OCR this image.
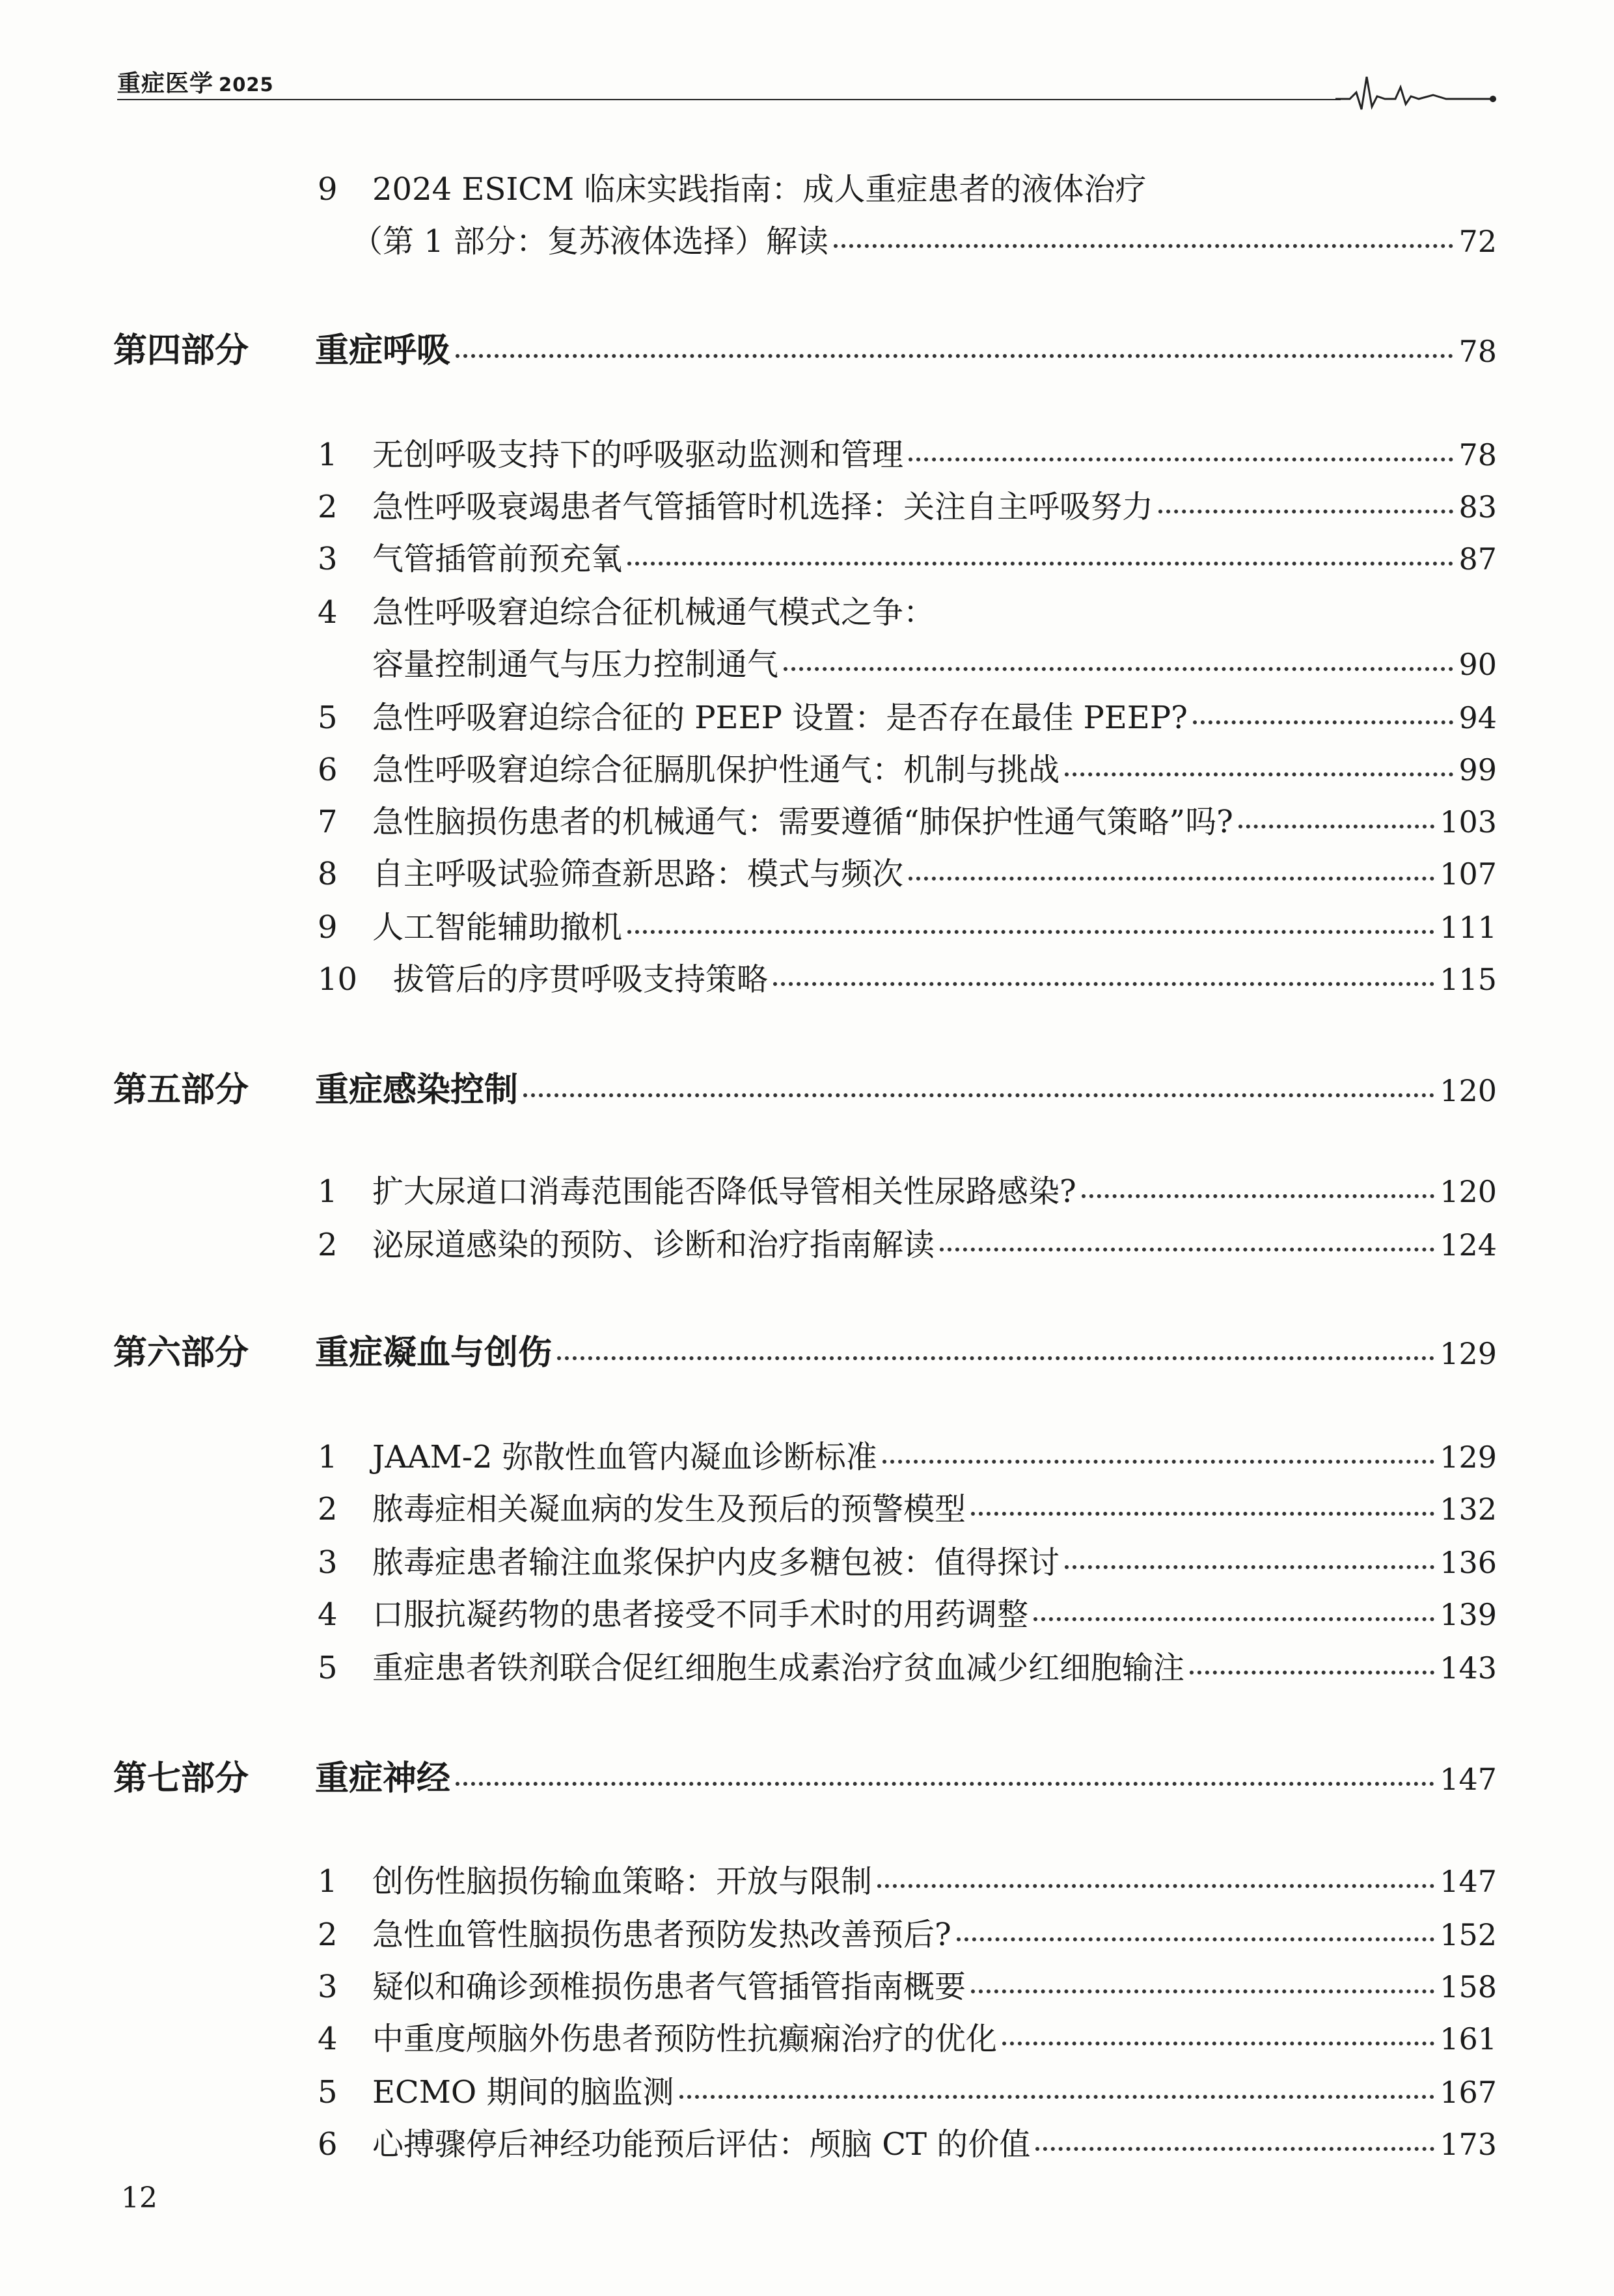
重症医学 2025
9	2024 ESICM 临床实践指南：成人重症患者的液体治疗
（第 1 部分：复苏液体选择）解读	72
第四部分	重症呼吸	78
1	无创呼吸支持下的呼吸驱动监测和管理	78
2	急性呼吸衰竭患者气管插管时机选择：关注自主呼吸努力	83
3	气管插管前预充氧	87
4	急性呼吸窘迫综合征机械通气模式之争：
容量控制通气与压力控制通气	90
5	急性呼吸窘迫综合征的 PEEP 设置：是否存在最佳 PEEP?	94
6	急性呼吸窘迫综合征膈肌保护性通气：机制与挑战	99
7	急性脑损伤患者的机械通气：需要遵循“肺保护性通气策略”吗?	103
8	自主呼吸试验筛查新思路：模式与频次	107
9	人工智能辅助撤机	111
10	拔管后的序贯呼吸支持策略	115
第五部分	重症感染控制	120
1	扩大尿道口消毒范围能否降低导管相关性尿路感染?	120
2	泌尿道感染的预防、诊断和治疗指南解读	124
第六部分	重症凝血与创伤	129
1	JAAM-2 弥散性血管内凝血诊断标准	129
2	脓毒症相关凝血病的发生及预后的预警模型	132
3	脓毒症患者输注血浆保护内皮多糖包被：值得探讨	136
4	口服抗凝药物的患者接受不同手术时的用药调整	139
5	重症患者铁剂联合促红细胞生成素治疗贫血减少红细胞输注	143
第七部分	重症神经	147
1	创伤性脑损伤输血策略：开放与限制	147
2	急性血管性脑损伤患者预防发热改善预后?	152
3	疑似和确诊颈椎损伤患者气管插管指南概要	158
4	中重度颅脑外伤患者预防性抗癫痫治疗的优化	161
5	ECMO 期间的脑监测	167
6	心搏骤停后神经功能预后评估：颅脑 CT 的价值	173
12
